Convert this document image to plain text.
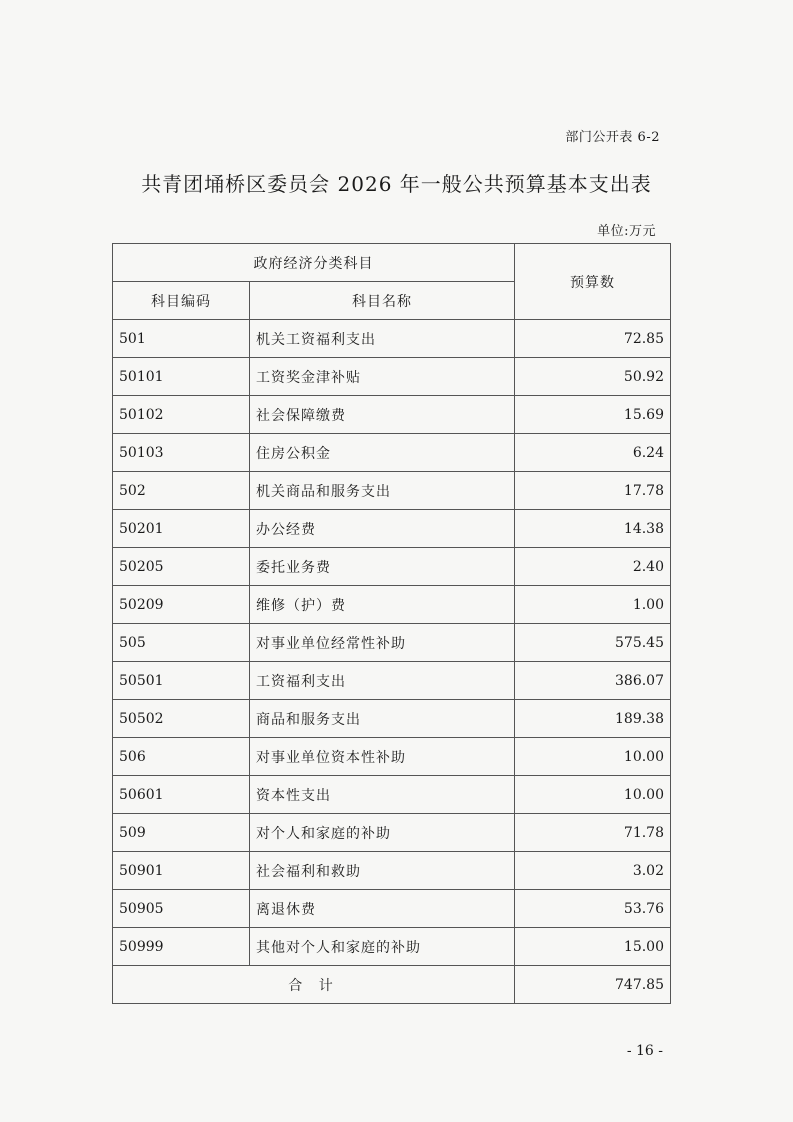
部门公开表 6-2
共青团埇桥区委员会 2026 年一般公共预算基本支出表
单位:万元
政府经济分类科目		预算数
科目编码	科目名称	
501	机关工资福利支出	72.85
50101	工资奖金津补贴	50.92
50102	社会保障缴费	15.69
50103	住房公积金	6.24
502	机关商品和服务支出	17.78
50201	办公经费	14.38
50205	委托业务费	2.40
50209	维修（护）费	1.00
505	对事业单位经常性补助	575.45
50501	工资福利支出	386.07
50502	商品和服务支出	189.38
506	对事业单位资本性补助	10.00
50601	资本性支出	10.00
509	对个人和家庭的补助	71.78
50901	社会福利和救助	3.02
50905	离退休费	53.76
50999	其他对个人和家庭的补助	15.00
合 计		747.85
- 16 -
